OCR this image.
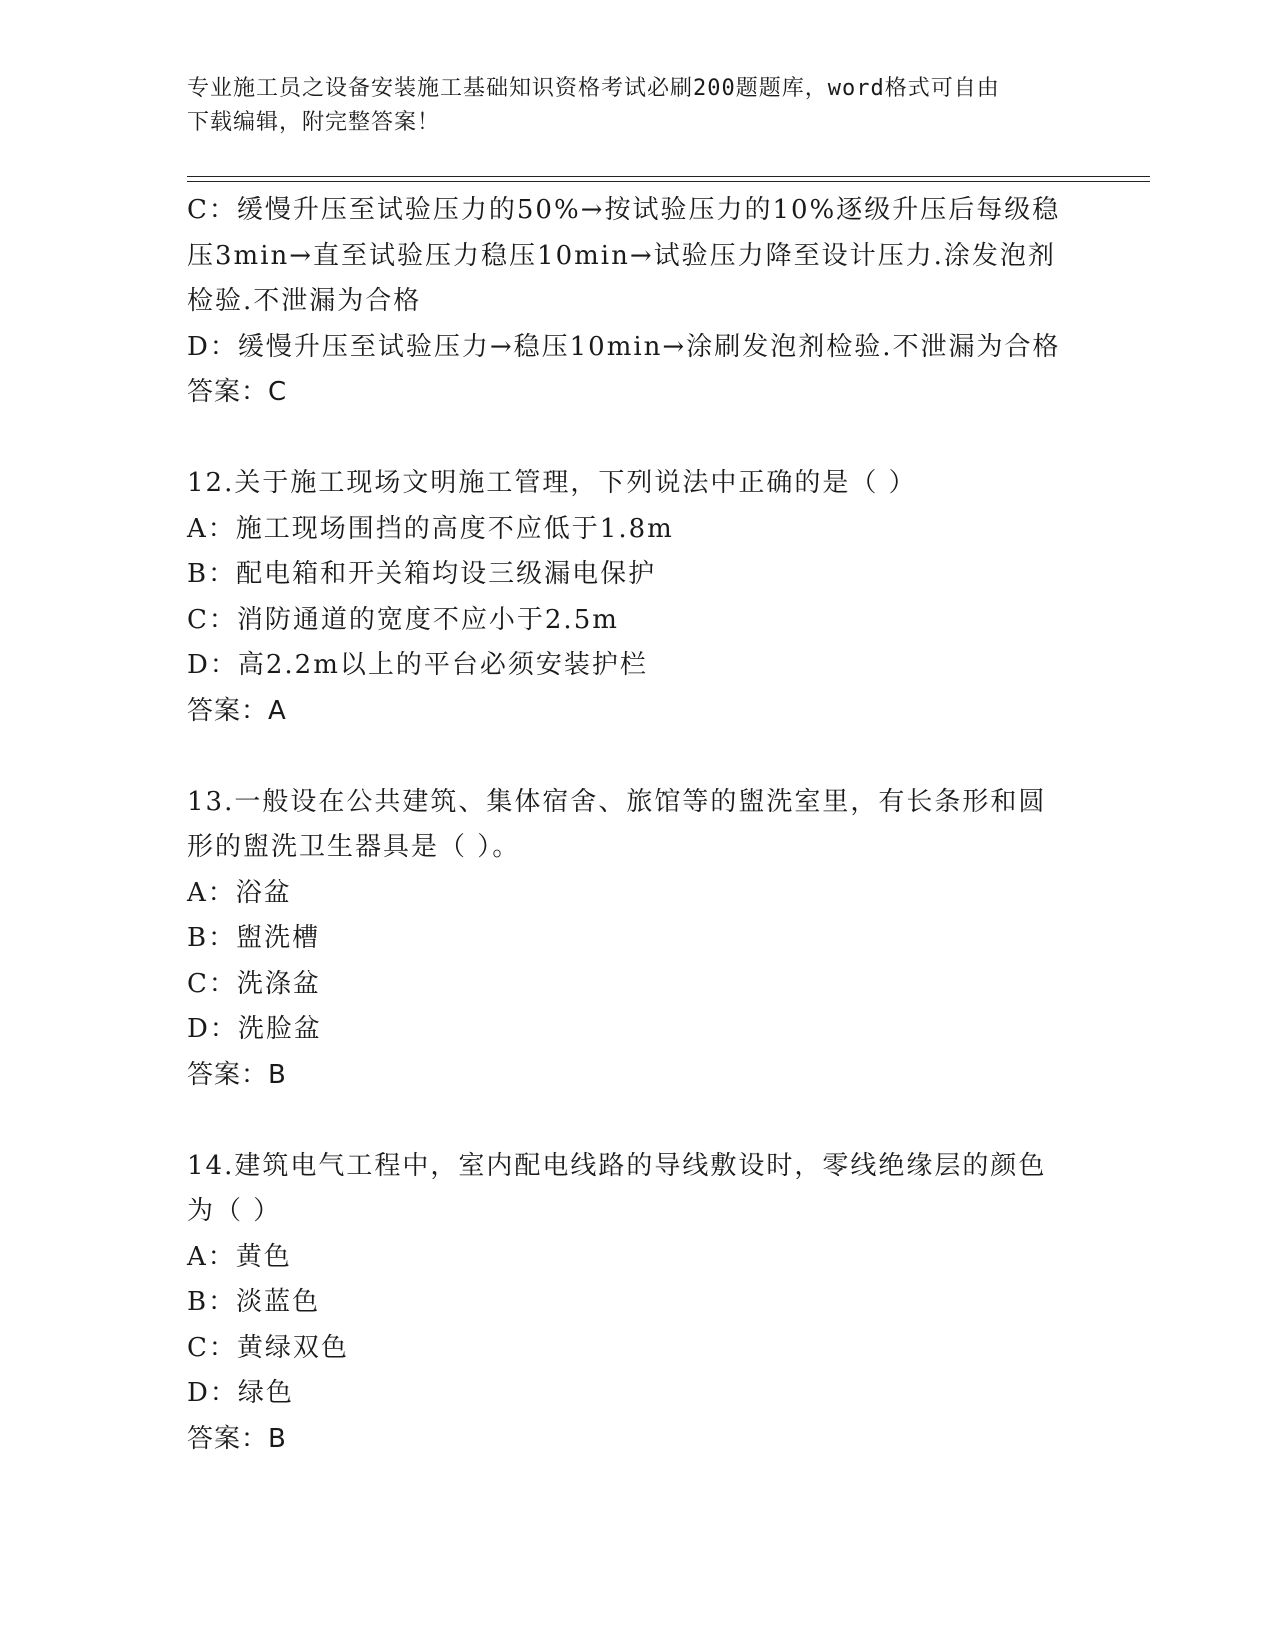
专业施工员之设备安装施工基础知识资格考试必刷200题题库，word格式可自由
下载编辑，附完整答案！
C：缓慢升压至试验压力的50%→按试验压力的10%逐级升压后每级稳
压3min→直至试验压力稳压10min→试验压力降至设计压力.涂发泡剂
检验.不泄漏为合格
D：缓慢升压至试验压力→稳压10min→涂刷发泡剂检验.不泄漏为合格
答案：C
12.关于施工现场文明施工管理，下列说法中正确的是（ ）
A：施工现场围挡的高度不应低于1.8m
B：配电箱和开关箱均设三级漏电保护
C：消防通道的宽度不应小于2.5m
D：高2.2m以上的平台必须安装护栏
答案：A
13.一般设在公共建筑、集体宿舍、旅馆等的盥洗室里，有长条形和圆
形的盥洗卫生器具是（ ）。
A：浴盆
B：盥洗槽
C：洗涤盆
D：洗脸盆
答案：B
14.建筑电气工程中，室内配电线路的导线敷设时，零线绝缘层的颜色
为（ ）
A：黄色
B：淡蓝色
C：黄绿双色
D：绿色
答案：B
